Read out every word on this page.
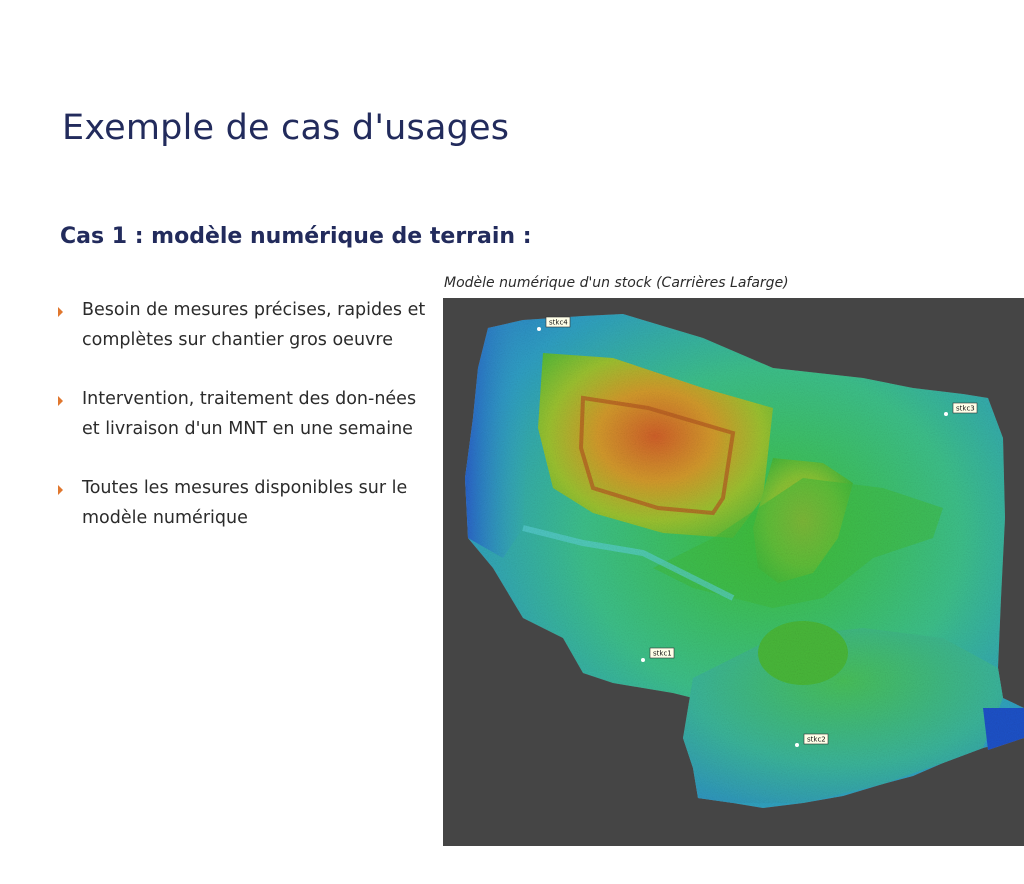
Exemple de cas d'usages
Cas 1 : modèle numérique de terrain :
Besoin de mesures précises, rapides et complètes sur chantier gros oeuvre
Intervention, traitement des don-nées et livraison d'un MNT en une semaine
Toutes les mesures disponibles sur le modèle numérique
Modèle numérique d'un stock (Carrières Lafarge)
stkc4
stkc3
stkc1
stkc2
